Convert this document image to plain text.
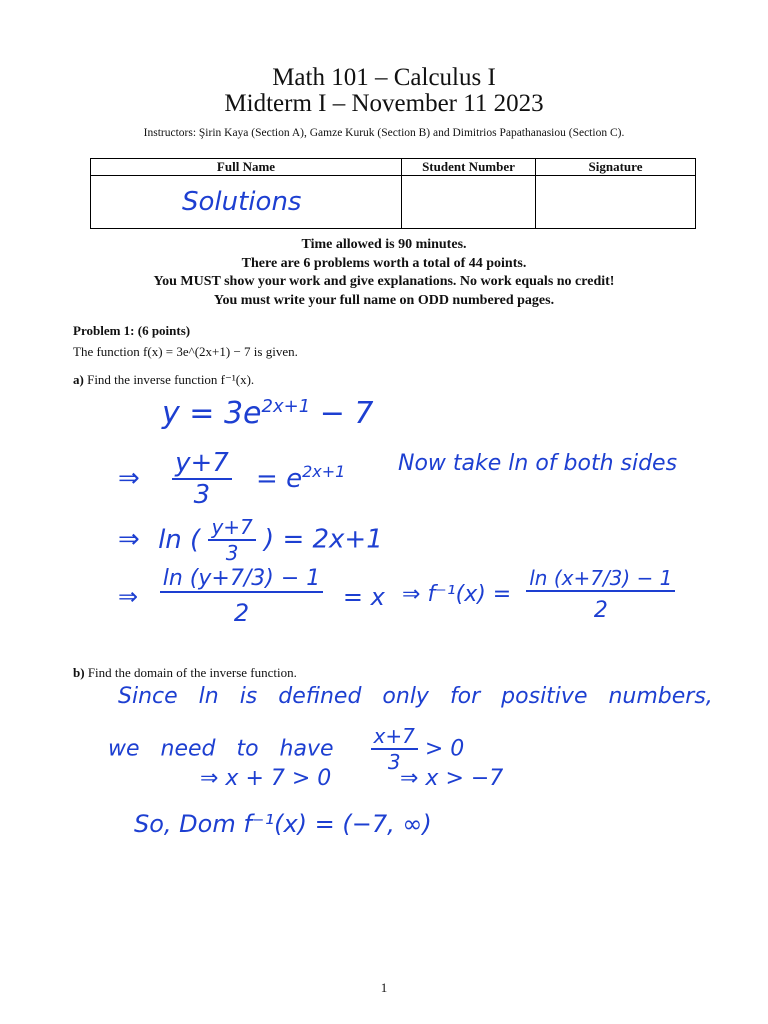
Math 101 – Calculus I
Midterm I – November 11 2023
Instructors: Şirin Kaya (Section A), Gamze Kuruk (Section B) and Dimitrios Papathanasiou (Section C).
Full Name	Student Number	Signature
Solutions		
Time allowed is 90 minutes.
There are 6 problems worth a total of 44 points.
You MUST show your work and give explanations. No work equals no credit!
You must write your full name on ODD numbered pages.
Problem 1: (6 points)
The function f(x) = 3e^(2x+1) − 7 is given.
a) Find the inverse function f⁻¹(x).
$y = 3e^{2x+1} - 7$
⇒ $\frac{y+7}{3} = e^{2x+1}$ Now take ln of both sides
⇒ ln ( $\frac{y+7}{3}$ ) = 2x+1
⇒ $\frac{\ln (y+7/3) - 1}{2} = x$ ⇒ $f^{-1}(x) = \frac{\ln (x+7/3) - 1}{2}$
b) Find the domain of the inverse function.
Since ln is defined only for positive numbers,
we   need   to   have $\frac{x+7}{3} > 0$
⇒ x + 7 > 0	⇒ x > −7
So, Dom f⁻¹(x) = (−7, ∞)
1
